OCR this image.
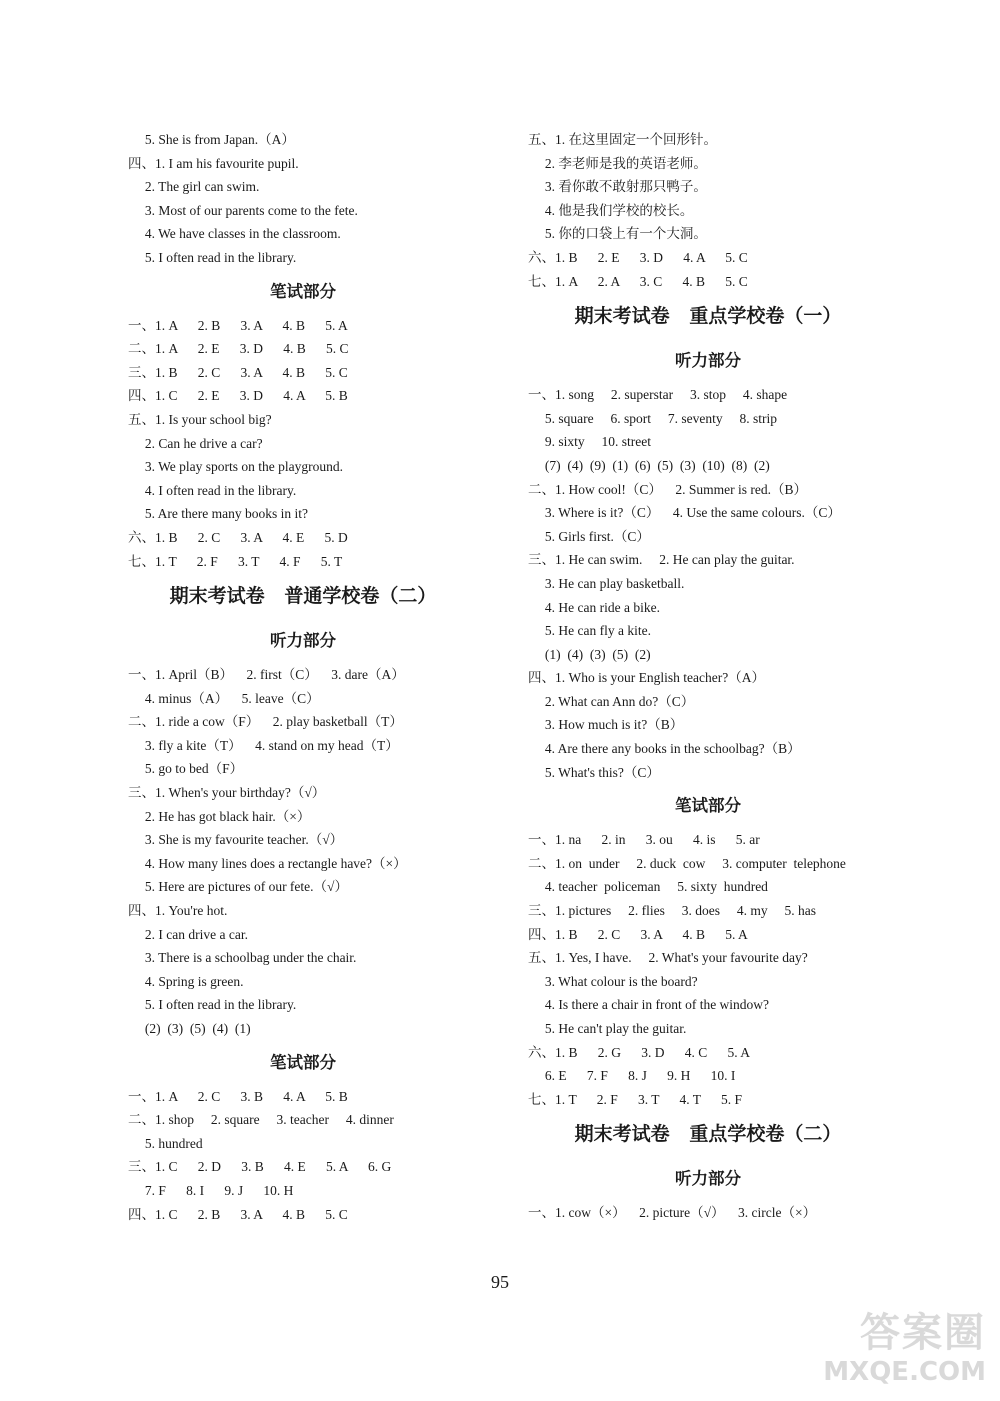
5. She is from Japan.（A）
四、1. I am his favourite pupil.
2. The girl can swim.
3. Most of our parents come to the fete.
4. We have classes in the classroom.
5. I often read in the library.
笔试部分
一、1. A      2. B      3. A      4. B      5. A
二、1. A      2. E      3. D      4. B      5. C
三、1. B      2. C      3. A      4. B      5. C
四、1. C      2. E      3. D      4. A      5. B
五、1. Is your school big?
2. Can he drive a car?
3. We play sports on the playground.
4. I often read in the library.
5. Are there many books in it?
六、1. B      2. C      3. A      4. E      5. D
七、1. T      2. F      3. T      4. F      5. T
期末考试卷   普通学校卷（二）
听力部分
一、1. April（B）    2. first（C）    3. dare（A）
4. minus（A）    5. leave（C）
二、1. ride a cow（F）    2. play basketball（T）
3. fly a kite（T）    4. stand on my head（T）
5. go to bed（F）
三、1. When's your birthday?（√）
2. He has got black hair.（×）
3. She is my favourite teacher.（√）
4. How many lines does a rectangle have?（×）
5. Here are pictures of our fete.（√）
四、1. You're hot.
2. I can drive a car.
3. There is a schoolbag under the chair.
4. Spring is green.
5. I often read in the library.
(2)  (3)  (5)  (4)  (1)
笔试部分
一、1. A      2. C      3. B      4. A      5. B
二、1. shop     2. square     3. teacher     4. dinner
5. hundred
三、1. C      2. D      3. B      4. E      5. A      6. G
7. F      8. I      9. J      10. H
四、1. C      2. B      3. A      4. B      5. C
五、1. 在这里固定一个回形针。
2. 李老师是我的英语老师。
3. 看你敢不敢射那只鸭子。
4. 他是我们学校的校长。
5. 你的口袋上有一个大洞。
六、1. B      2. E      3. D      4. A      5. C
七、1. A      2. A      3. C      4. B      5. C
期末考试卷   重点学校卷（一）
听力部分
一、1. song     2. superstar     3. stop     4. shape
5. square     6. sport     7. seventy     8. strip
9. sixty     10. street
(7)  (4)  (9)  (1)  (6)  (5)  (3)  (10)  (8)  (2)
二、1. How cool!（C）    2. Summer is red.（B）
3. Where is it?（C）    4. Use the same colours.（C）
5. Girls first.（C）
三、1. He can swim.     2. He can play the guitar.
3. He can play basketball.
4. He can ride a bike.
5. He can fly a kite.
(1)  (4)  (3)  (5)  (2)
四、1. Who is your English teacher?（A）
2. What can Ann do?（C）
3. How much is it?（B）
4. Are there any books in the schoolbag?（B）
5. What's this?（C）
笔试部分
一、1. na      2. in      3. ou      4. is      5. ar
二、1. on  under     2. duck  cow     3. computer  telephone
4. teacher  policeman     5. sixty  hundred
三、1. pictures     2. flies     3. does     4. my     5. has
四、1. B      2. C      3. A      4. B      5. A
五、1. Yes, I have.     2. What's your favourite day?
3. What colour is the board?
4. Is there a chair in front of the window?
5. He can't play the guitar.
六、1. B      2. G      3. D      4. C      5. A
6. E      7. F      8. J      9. H      10. I
七、1. T      2. F      3. T      4. T      5. F
期末考试卷   重点学校卷（二）
听力部分
一、1. cow（×）    2. picture（√）    3. circle（×）
95
答案圈
MXQE.COM
